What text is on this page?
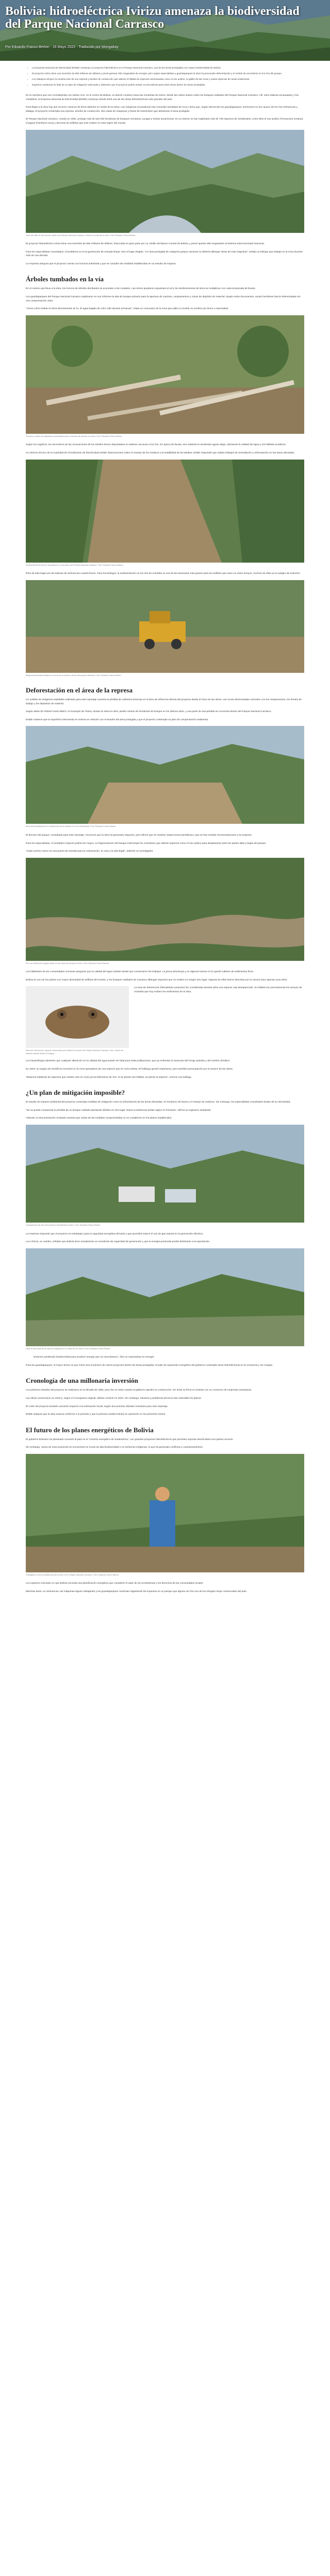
Bolivia: hidroeléctrica Ivirizu amenaza la biodiversidad del Parque Nacional Carrasco
Por Eduardo Franco Berton · 16 Mayo 2022 · Traducido por Mongabay
• La Empresa Nacional de Electricidad (ENDE) construye un proyecto hidroeléctrico en el Parque Nacional Carrasco, una de las áreas protegidas con mayor biodiversidad de Bolivia.
• El proyecto Ivirizu tiene una inversión de 560 millones de dólares y prevé generar 290 megavatios de energía, pero según especialistas y guardaparques la obra ha provocado deforestación y el vertido de escombros en los ríos del parque.
• Los trabajos incluyen la construcción de una represa y túneles de conducción que alteran el hábitat de especies amenazadas como el oso andino, el gallito de las rocas y varias especies de ranas endémicas.
• Expertos cuestionan la falta de un plan de mitigación adecuado y advierten que el proyecto podría sentar un precedente para otras obras dentro de áreas protegidas.

En la carretera que une Cochabamba con Santa Cruz, en el centro de Bolivia, un desvío conduce hacia las montañas de Ivirizu, donde las nubes suelen cubrir los bosques nublados del Parque Nacional Carrasco. Allí, entre laderas escarpadas y ríos cristalinos, la Empresa Nacional de Electricidad (ENDE) construye desde 2019 una de las obras hidroeléctricas más grandes del país.

Para llegar a la obra hay que recorrer caminos de tierra abiertos en medio de la selva. Las máquinas excavadoras han removido toneladas de roca y tierra que, según denuncian los guardaparques, terminaron en los cauces de los ríos Sehuencas y Málaga. El proyecto contempla una represa, túneles de conducción, dos casas de máquinas y líneas de transmisión que atraviesan el área protegida.

El Parque Nacional Carrasco, creado en 1991, protege más de 622 000 hectáreas de bosques montanos, yungas y selvas amazónicas. En su interior se han registrado más de 700 especies de vertebrados, entre ellos el oso andino (Tremarctos ornatus), el jaguar (Panthera onca) y decenas de anfibios que solo existen en esta región del mundo.

Vista del valle de Sehuencas, dentro del Parque Nacional Carrasco, donde se construye la obra. Foto: Eduardo Franco Berton.

El proyecto hidroeléctrico Ivirizu tiene una inversión de 560 millones de dólares, financiada en gran parte por un crédito del Banco Central de Bolivia, y prevé aportar 290 megavatios al Sistema Interconectado Nacional.

Para los especialistas consultados, el problema no es la generación de energía limpia, sino el lugar elegido. “Un área protegida de categoría parque nacional no debería albergar obras de esta magnitud”, señala un biólogo que trabajó en la zona durante más de una década.

La empresa asegura que el proyecto cuenta con licencia ambiental y que se cumplen las medidas establecidas en su estudio de impacto.

Árboles tumbados en la vía

En el camino que lleva a la obra, los troncos de árboles derribados se acumulan a los costados. Las raíces quedaron expuestas al sol y los deslizamientos de tierra se multiplican con cada temporada de lluvias.

Los guardaparques del Parque Nacional Carrasco registraron en sus informes la tala de bosque primario para la apertura de caminos, campamentos y zonas de depósito de material. Según estos documentos, varias hectáreas fueron desmontadas sin una compensación clara.

“Vimos cómo tiraban la tierra directamente al río. El agua bajaba de color café durante semanas”, relata un comunario de la zona que pidió no revelar su nombre por temor a represalias.

Troncos y restos de vegetación acumulados junto al camino de acceso a la obra. Foto: Eduardo Franco Berton.

Según los registros, los escombros de las excavaciones de los túneles fueron depositados en laderas cercanas a los ríos. En época de lluvias, ese material es arrastrado aguas abajo, afectando la calidad del agua y los hábitats acuáticos.

Un informe técnico de la Autoridad de Fiscalización de Electricidad señaló observaciones sobre el manejo de los residuos y la estabilidad de los taludes. ENDE respondió que realiza trabajos de remediación y reforestación en las áreas afectadas.

Deslizamiento de tierra y escombros en una ladera del Parque Nacional Carrasco. Foto: Eduardo Franco Berton.

Ríos de lodo bajan por las laderas de Sehuencas cuando llueve. Para los biólogos, la sedimentación en los ríos de montaña es una de las amenazas más graves para los anfibios que viven en estos arroyos, muchos de ellos ya en peligro de extinción.

Maquinaria pesada trabaja en el área de la represa, dentro del parque nacional. Foto: Eduardo Franco Berton.
Deforestación en el área de la represa

Un análisis de imágenes satelitales realizado para este reportaje muestra la pérdida de cobertura boscosa en el área de influencia directa del proyecto desde el inicio de las obras. Las zonas desmontadas coinciden con los campamentos, los frentes de trabajo y los depósitos de material.

Según datos de Global Forest Watch, el municipio de Totora, donde se ubica la obra, perdió cientos de hectáreas de bosque en los últimos años, y una parte de esa pérdida se concentra dentro del Parque Nacional Carrasco.

ENDE sostiene que la superficie intervenida es mínima en relación con el tamaño del área protegida y que el proyecto contempla un plan de compensación ambiental.

Área desmontada para la construcción de la represa en el río Sehuencas. Foto: Eduardo Franco Berton.

El director del parque, consultado para este reportaje, reconoció que la obra ha generado impactos, pero afirmó que se realizan inspecciones periódicas y que se han emitido recomendaciones a la empresa.

Para los especialistas, el verdadero impacto podría ser mayor. La fragmentación del bosque interrumpe los corredores que utilizan especies como el oso andino para desplazarse entre las partes altas y bajas del parque.

“Cada camino nuevo es una puerta de entrada para la colonización, la caza y la tala ilegal”, advierte un investigador.

Río con sedimentos aguas abajo de las obras del proyecto Ivirizu. Foto: Eduardo Franco Berton.

Los habitantes de las comunidades cercanas aseguran que la calidad del agua cambió desde que comenzaron los trabajos. La pesca disminuyó y en algunos tramos el río quedó cubierto de sedimentos finos.

Bolivia es uno de los países con mayor diversidad de anfibios del mundo, y los bosques nublados de Carrasco albergan especies que no existen en ningún otro lugar. Algunas de ellas fueron descritas por la ciencia hace apenas unos años.

Rana de Sehuencas, especie amenazada que habita los arroyos del Parque Nacional Carrasco. Foto: Museo de Historia Natural Alcide d’Orbigny.

La rana de Sehuencas (Telmatobius yuracare) fue considerada durante años una especie casi desaparecida. Su hábitat son precisamente los arroyos de montaña que hoy reciben los sedimentos de la obra.

Los herpetólogos advierten que cualquier alteración en la calidad del agua puede ser fatal para estas poblaciones, que ya enfrentan la amenaza del hongo quitridio y del cambio climático.

En 2019, un equipo de científicos encontró en la zona ejemplares de una especie que se creía extinta. El hallazgo generó esperanza, pero también preocupación por el avance de las obras.

“Estamos hablando de especies que existen solo en unos pocos kilómetros de ríos. Si se pierde ese hábitat, se pierde la especie”, resume una bióloga.

¿Un plan de mitigación imposible?

El estudio de impacto ambiental del proyecto contempla medidas de mitigación como la reforestación de las áreas afectadas, el monitoreo de fauna y el manejo de residuos. Sin embargo, los especialistas consultados dudan de su efectividad.

“No se puede compensar la pérdida de un bosque nublado plantando árboles en otro lugar. Estos ecosistemas tardan siglos en formarse”, afirma un ingeniero ambiental.

Además, la documentación revisada muestra que varias de las medidas comprometidas no se cumplieron en los plazos establecidos.

Campamento de obra del proyecto hidroeléctrico Ivirizu. Foto: Eduardo Franco Berton.

La empresa responde que el proyecto es estratégico para la seguridad energética del país y que permitirá reducir el uso de gas natural en la generación eléctrica.

Los críticos, en cambio, señalan que Bolivia tiene actualmente un excedente de capacidad de generación y que la energía producida podría destinarse a la exportación.

Vista de las obras de la casa de máquinas en el valle del río Ivirizu. Foto: Eduardo Franco Berton.

“Estamos perdiendo biodiversidad para producir energía que no necesitamos”, dice un especialista en energía.

Para los guardaparques, el mayor temor es que Ivirizu sea el primero de varios proyectos dentro de áreas protegidas. El plan de expansión energética del gobierno contempla otras hidroeléctricas en la Amazonía y los Yungas.

Cronología de una millonaria inversión

Los primeros estudios del proyecto se realizaron en la década de 1990, pero fue en 2016 cuando el gobierno aprobó su construcción. En 2018 se firmó el contrato con un consorcio de empresas extranjeras.

Las obras comenzaron en 2019 y, según el cronograma original, debían concluir en 2022. Sin embargo, retrasos y problemas técnicos han extendido los plazos.

El costo del proyecto también aumentó respecto a la estimación inicial, según documentos oficiales revisados para este reportaje.

ENDE asegura que la obra avanza conforme a lo previsto y que la primera unidad entrará en operación en los próximos meses.

El futuro de los planes energéticos de Bolivia

El gobierno boliviano ha planteado convertir al país en el “corazón energético de Sudamérica”, con grandes proyectos hidroeléctricos que permitan exportar electricidad a los países vecinos.

Sin embargo, varios de esos proyectos se encuentran en zonas de alta biodiversidad o en territorios indígenas, lo que ha generado conflictos y cuestionamientos.

Trabajador en las inmediaciones de la obra, en el Parque Nacional Carrasco. Foto: Eduardo Franco Berton.

Los expertos coinciden en que Bolivia necesita una planificación energética que considere el valor de los ecosistemas y los derechos de las comunidades locales.

Mientras tanto, en Sehuencas, las máquinas siguen trabajando y los guardaparques continúan registrando los impactos en un parque que alguna vez fue uno de los refugios mejor conservados del país.
